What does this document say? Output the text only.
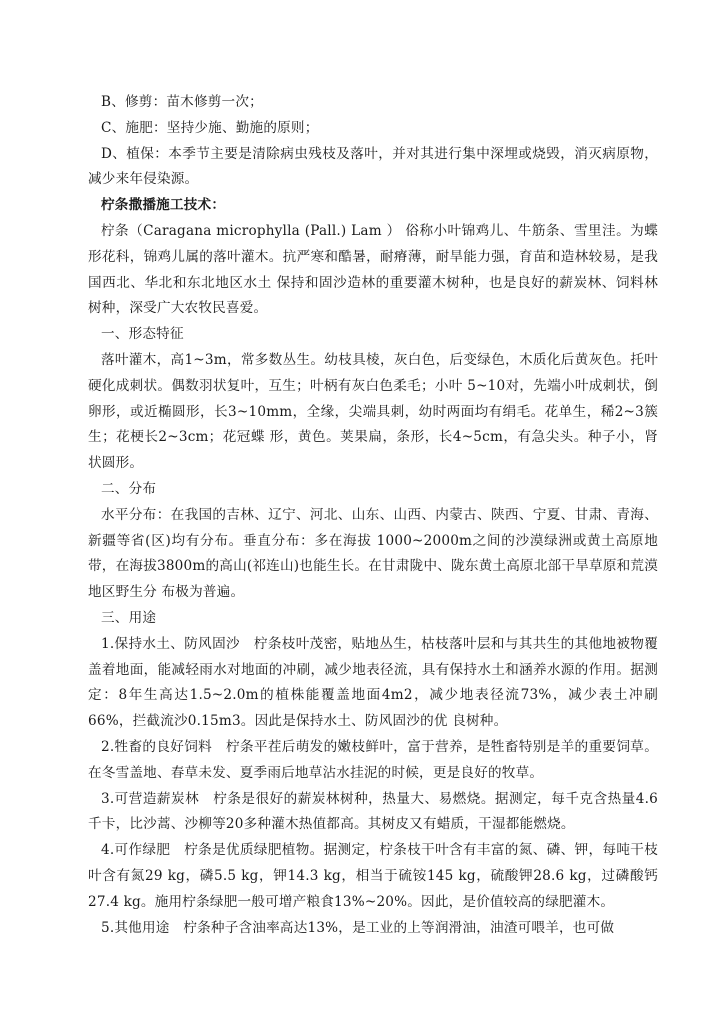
B、修剪：苗木修剪一次；

C、施肥：坚持少施、勤施的原则；

D、植保：本季节主要是清除病虫残枝及落叶，并对其进行集中深埋或烧毁，消灭病原物，减少来年侵染源。

柠条撒播施工技术：

柠条（Caragana microphylla (Pall.) Lam ） 俗称小叶锦鸡儿、牛筋条、雪里洼。为蝶形花科，锦鸡儿属的落叶灌木。抗严寒和酷暑，耐瘠薄，耐旱能力强，育苗和造林较易，是我国西北、华北和东北地区水土 保持和固沙造林的重要灌木树种，也是良好的薪炭林、饲料林树种，深受广大农牧民喜爱。

一、形态特征

落叶灌木，高1~3m，常多数丛生。幼枝具棱，灰白色，后变绿色，木质化后黄灰色。托叶硬化成刺状。偶数羽状复叶，互生；叶柄有灰白色柔毛；小叶 5~10对，先端小叶成刺状，倒卵形，或近椭圆形，长3~10mm，全缘，尖端具刺，幼时两面均有绢毛。花单生，稀2~3簇生；花梗长2~3cm；花冠蝶 形，黄色。荚果扁，条形，长4~5cm，有急尖头。种子小，肾状圆形。

二、分布

水平分布：在我国的吉林、辽宁、河北、山东、山西、内蒙古、陕西、宁夏、甘肃、青海、新疆等省(区)均有分布。垂直分布：多在海拔 1000~2000m之间的沙漠绿洲或黄土高原地带，在海拔3800m的高山(祁连山)也能生长。在甘肃陇中、陇东黄土高原北部干旱草原和荒漠地区野生分 布极为普遍。

三、用途

1.保持水土、防风固沙　柠条枝叶茂密，贴地丛生，枯枝落叶层和与其共生的其他地被物覆盖着地面，能减轻雨水对地面的冲刷，减少地表径流，具有保持水土和涵养水源的作用。据测 定：8年生高达1.5~2.0m的植株能覆盖地面4m2，减少地表径流73%，减少表土冲刷66%，拦截流沙0.15m3。因此是保持水土、防风固沙的优 良树种。

2.牲畜的良好饲料　柠条平茬后萌发的嫩枝鲜叶，富于营养，是牲畜特别是羊的重要饲草。在冬雪盖地、春草未发、夏季雨后地草沾水挂泥的时候，更是良好的牧草。

3.可营造薪炭林　柠条是很好的薪炭林树种，热量大、易燃烧。据测定，每千克含热量4.6千卡，比沙蒿、沙柳等20多种灌木热值都高。其树皮又有蜡质，干湿都能燃烧。

4.可作绿肥　柠条是优质绿肥植物。据测定，柠条枝干叶含有丰富的氮、磷、钾，每吨干枝叶含有氮29 kg，磷5.5 kg，钾14.3 kg，相当于硫铵145 kg，硫酸钾28.6 kg，过磷酸钙27.4 kg。施用柠条绿肥一般可增产粮食13%~20%。因此，是价值较高的绿肥灌木。

5.其他用途　柠条种子含油率高达13%，是工业的上等润滑油，油渣可喂羊，也可做
